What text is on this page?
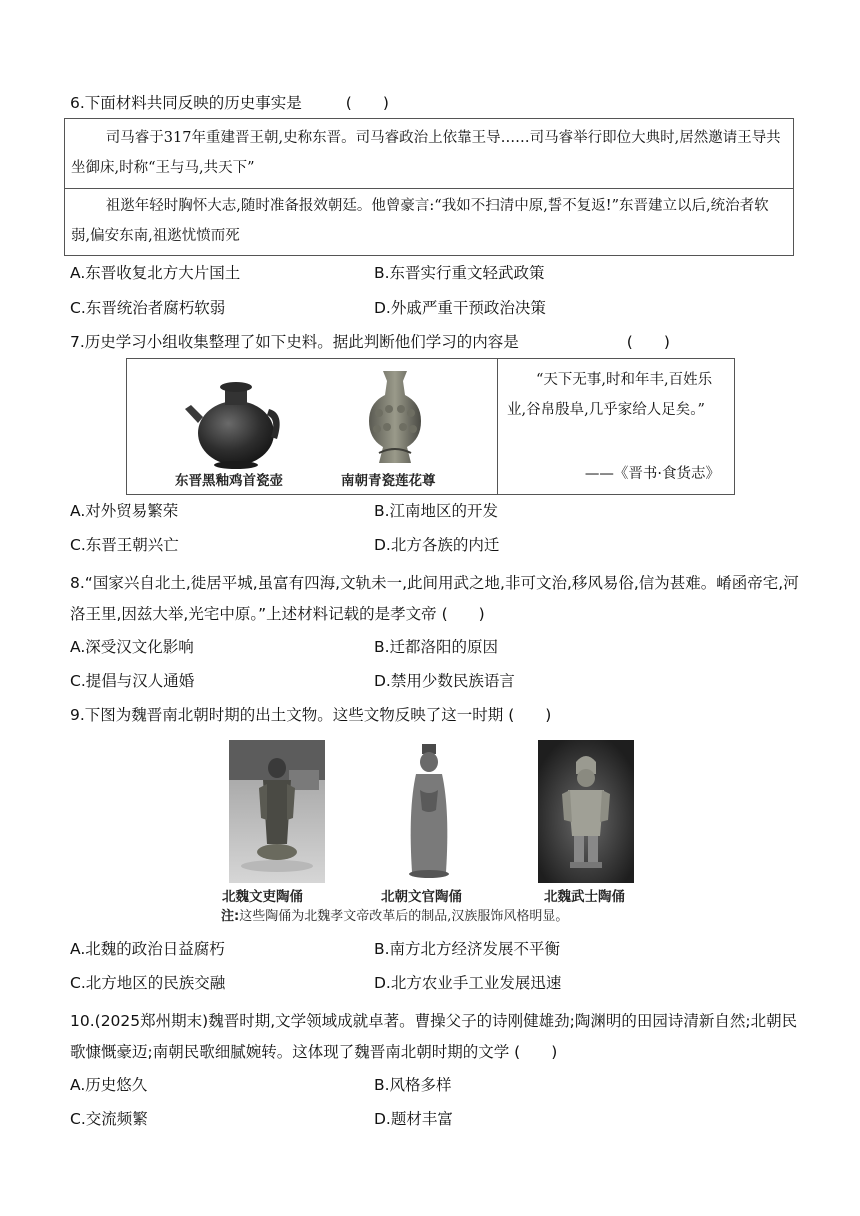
6.下面材料共同反映的历史事实是	(　　)
司马睿于317年重建晋王朝,史称东晋。司马睿政治上依靠王导……司马睿举行即位大典时,居然邀请王导共坐御床,时称“王与马,共天下”
祖逖年轻时胸怀大志,随时准备报效朝廷。他曾豪言:“我如不扫清中原,誓不复返!”东晋建立以后,统治者软弱,偏安东南,祖逖忧愤而死
A.东晋收复北方大片国土	B.东晋实行重文轻武政策
C.东晋统治者腐朽软弱	D.外戚严重干预政治决策
7.历史学习小组收集整理了如下史料。据此判断他们学习的内容是	(　　)
东晋黑釉鸡首瓷壶	南朝青瓷莲花尊
“天下无事,时和年丰,百姓乐业,谷帛殷阜,几乎家给人足矣。”
——《晋书·食货志》
A.对外贸易繁荣	B.江南地区的开发
C.东晋王朝兴亡	D.北方各族的内迁
8.“国家兴自北土,徙居平城,虽富有四海,文轨未一,此间用武之地,非可文治,移风易俗,信为甚难。崤函帝宅,河洛王里,因兹大举,光宅中原。”上述材料记载的是孝文帝 (　　)
A.深受汉文化影响	B.迁都洛阳的原因
C.提倡与汉人通婚	D.禁用少数民族语言
9.下图为魏晋南北朝时期的出土文物。这些文物反映了这一时期 (　　)
北魏文吏陶俑	北朝文官陶俑	北魏武士陶俑
注:这些陶俑为北魏孝文帝改革后的制品,汉族服饰风格明显。
A.北魏的政治日益腐朽	B.南方北方经济发展不平衡
C.北方地区的民族交融	D.北方农业手工业发展迅速
10.(2025郑州期末)魏晋时期,文学领域成就卓著。曹操父子的诗刚健雄劲;陶渊明的田园诗清新自然;北朝民歌慷慨豪迈;南朝民歌细腻婉转。这体现了魏晋南北朝时期的文学 (　　)
A.历史悠久	B.风格多样
C.交流频繁	D.题材丰富
